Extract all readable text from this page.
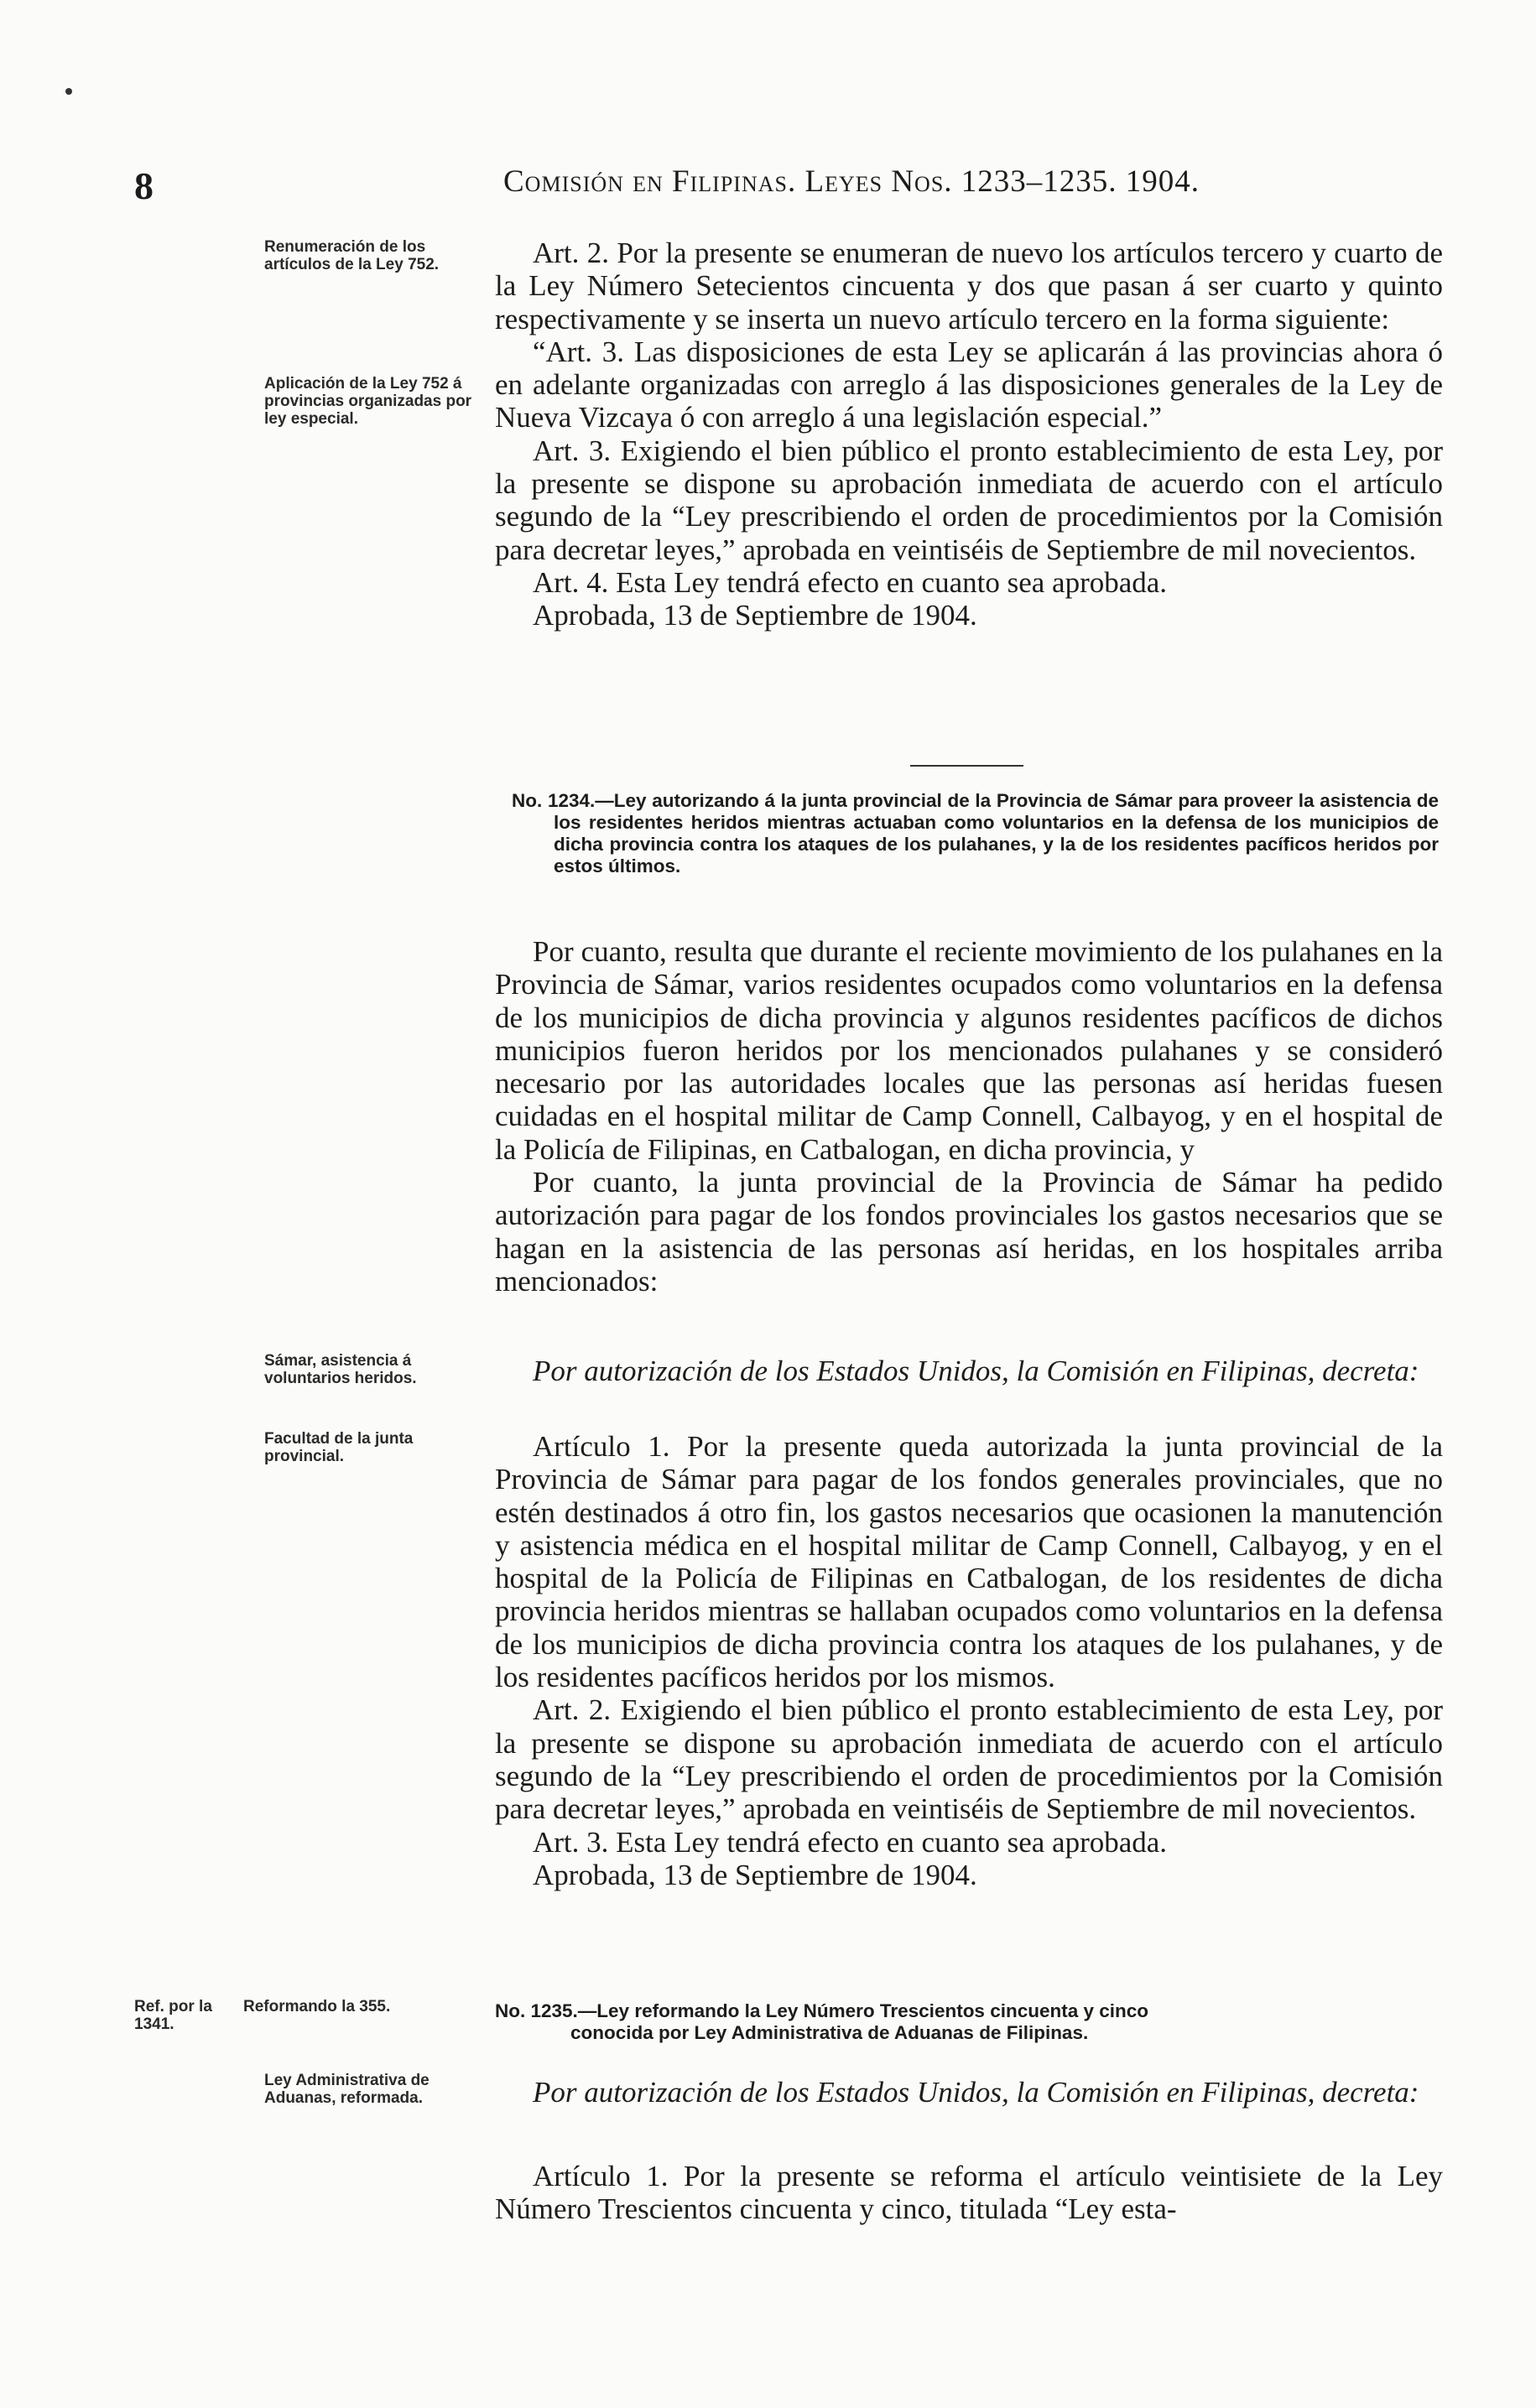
8	Comisión en Filipinas. Leyes Nos. 1233–1235. 1904.
Renumeración de los artículos de la Ley 752.
Aplicación de la Ley 752 á provincias organizadas por ley especial.
Sámar, asistencia á voluntarios heridos.
Facultad de la junta provincial.
Ref. por la 1341.
Reformando la 355.
Ley Administrativa de Aduanas, reformada.

Art. 2. Por la presente se enumeran de nuevo los artículos tercero y cuarto de la Ley Número Setecientos cincuenta y dos que pasan á ser cuarto y quinto respectivamente y se inserta un nuevo artículo tercero en la forma siguiente:

“Art. 3. Las disposiciones de esta Ley se aplicarán á las provincias ahora ó en adelante organizadas con arreglo á las disposiciones generales de la Ley de Nueva Vizcaya ó con arreglo á una legislación especial.”

Art. 3. Exigiendo el bien público el pronto establecimiento de esta Ley, por la presente se dispone su aprobación inmediata de acuerdo con el artículo segundo de la “Ley prescribiendo el orden de procedimientos por la Comisión para decretar leyes,” aprobada en veintiséis de Septiembre de mil novecientos.

Art. 4. Esta Ley tendrá efecto en cuanto sea aprobada.

Aprobada, 13 de Septiembre de 1904.

No. 1234.—Ley autorizando á la junta provincial de la Provincia de Sámar para proveer la asistencia de los residentes heridos mientras actuaban como voluntarios en la defensa de los municipios de dicha provincia contra los ataques de los pulahanes, y la de los residentes pacíficos heridos por estos últimos.

Por cuanto, resulta que durante el reciente movimiento de los pulahanes en la Provincia de Sámar, varios residentes ocupados como voluntarios en la defensa de los municipios de dicha provincia y algunos residentes pacíficos de dichos municipios fueron heridos por los mencionados pulahanes y se consideró necesario por las autoridades locales que las personas así heridas fuesen cuidadas en el hospital militar de Camp Connell, Calbayog, y en el hospital de la Policía de Filipinas, en Catbalogan, en dicha provincia, y

Por cuanto, la junta provincial de la Provincia de Sámar ha pedido autorización para pagar de los fondos provinciales los gastos necesarios que se hagan en la asistencia de las personas así heridas, en los hospitales arriba mencionados:

Por autorización de los Estados Unidos, la Comisión en Filipinas, decreta:

Artículo 1. Por la presente queda autorizada la junta provincial de la Provincia de Sámar para pagar de los fondos generales provinciales, que no estén destinados á otro fin, los gastos necesarios que ocasionen la manutención y asistencia médica en el hospital militar de Camp Connell, Calbayog, y en el hospital de la Policía de Filipinas en Catbalogan, de los residentes de dicha provincia heridos mientras se hallaban ocupados como voluntarios en la defensa de los municipios de dicha provincia contra los ataques de los pulahanes, y de los residentes pacíficos heridos por los mismos.

Art. 2. Exigiendo el bien público el pronto establecimiento de esta Ley, por la presente se dispone su aprobación inmediata de acuerdo con el artículo segundo de la “Ley prescribiendo el orden de procedimientos por la Comisión para decretar leyes,” aprobada en veintiséis de Septiembre de mil novecientos.

Art. 3. Esta Ley tendrá efecto en cuanto sea aprobada.

Aprobada, 13 de Septiembre de 1904.

No. 1235.—Ley reformando la Ley Número Trescientos cincuenta y cinco
conocida por Ley Administrativa de Aduanas de Filipinas.
Por autorización de los Estados Unidos, la Comisión en Filipinas, decreta:

Artículo 1. Por la presente se reforma el artículo veintisiete de la Ley Número Trescientos cincuenta y cinco, titulada “Ley esta-
